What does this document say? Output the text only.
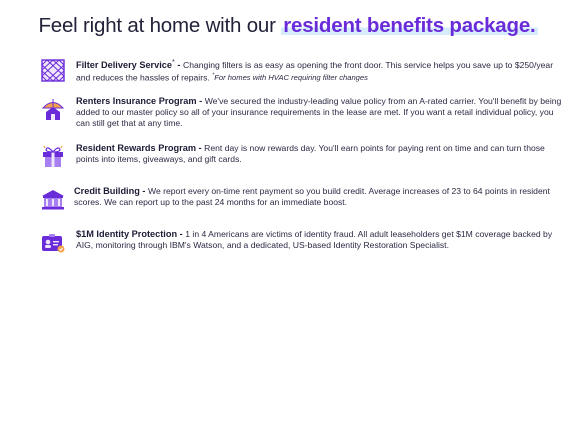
Feel right at home with our resident benefits package.
Filter Delivery Service* - Changing filters is as easy as opening the front door. This service helps you save up to $250/year and reduces the hassles of repairs. *For homes with HVAC requiring filter changes
Renters Insurance Program - We've secured the industry-leading value policy from an A-rated carrier. You'll benefit by being added to our master policy so all of your insurance requirements in the lease are met. If you want a retail individual policy, you can still get that at any time.
Resident Rewards Program - Rent day is now rewards day. You'll earn points for paying rent on time and can turn those points into items, giveaways, and gift cards.
Credit Building - We report every on-time rent payment so you build credit. Average increases of 23 to 64 points in resident scores. We can report up to the past 24 months for an immediate boost.
$1M Identity Protection - 1 in 4 Americans are victims of identity fraud. All adult leaseholders get $1M coverage backed by AIG, monitoring through IBM's Watson, and a dedicated, US-based Identity Restoration Specialist.
